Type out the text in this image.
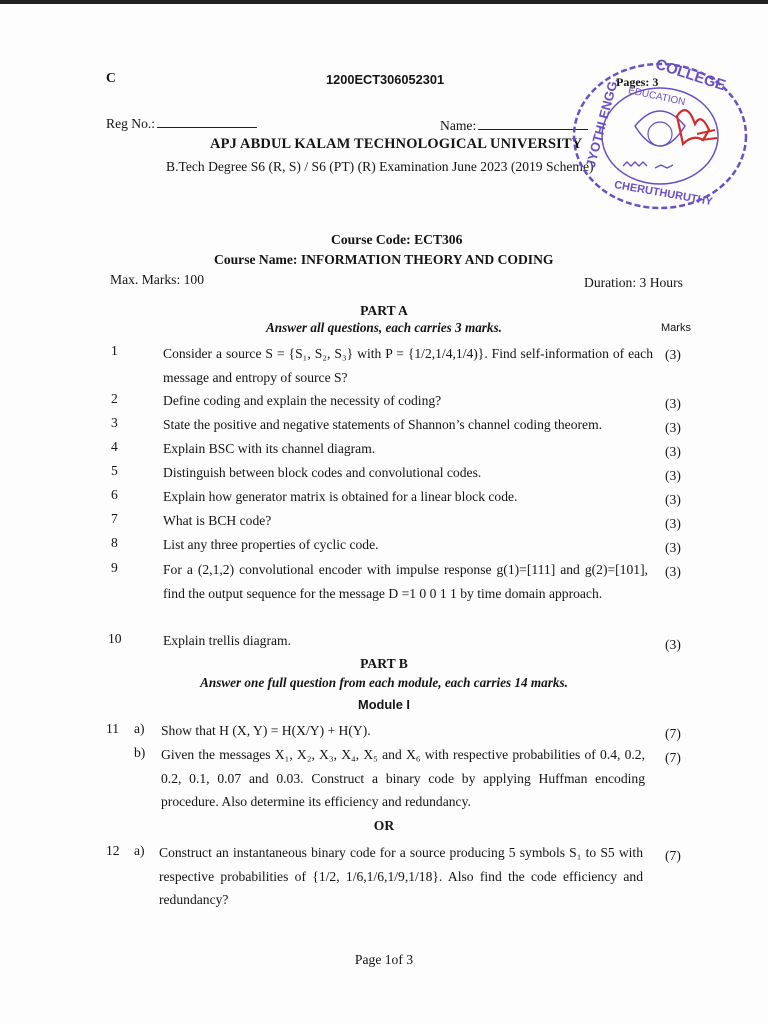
C	1200ECT306052301	Pages: 3
Reg No.:	Name:
APJ ABDUL KALAM TECHNOLOGICAL UNIVERSITY
B.Tech Degree S6 (R, S) / S6 (PT) (R) Examination June 2023 (2019 Scheme)
COLLEGE
EDUCATION
CHERUTHURUTHY
JYOTHI ENGG.
Course Code: ECT306
Course Name: INFORMATION THEORY AND CODING
Max. Marks: 100	Duration: 3 Hours
PART A
Answer all questions, each carries 3 marks.	Marks
1	Consider a source S = {S₁, S₂, S₃} with P = {1/2,1/4,1/4)}. Find self-information of each message and entropy of source S?
(3)
2	Define coding and explain the necessity of coding?	(3)
3	State the positive and negative statements of Shannon’s channel coding theorem.	(3)
4	Explain BSC with its channel diagram.	(3)
5	Distinguish between block codes and convolutional codes.	(3)
6	Explain how generator matrix is obtained for a linear block code.	(3)
7	What is BCH code?	(3)
8	List any three properties of cyclic code.	(3)
9	For a (2,1,2) convolutional encoder with impulse response g(1)=[111] and g(2)=[101], find the output sequence for the message D =1 0 0 1 1 by time domain approach.
(3)
10	Explain trellis diagram.	(3)
PART B
Answer one full question from each module, each carries 14 marks.
Module I
11 a) Show that H (X, Y) = H(X/Y) + H(Y).	(7)
b) Given the messages X₁, X₂, X₃, X₄, X₅ and X₆ with respective probabilities of 0.4, 0.2, 0.2, 0.1, 0.07 and 0.03. Construct a binary code by applying Huffman encoding procedure. Also determine its efficiency and redundancy.
(7)
OR
12 a) Construct an instantaneous binary code for a source producing 5 symbols S₁ to S5 with respective probabilities of {1/2, 1/6,1/6,1/9,1/18}. Also find the code efficiency and redundancy?
(7)
Page 1of 3
